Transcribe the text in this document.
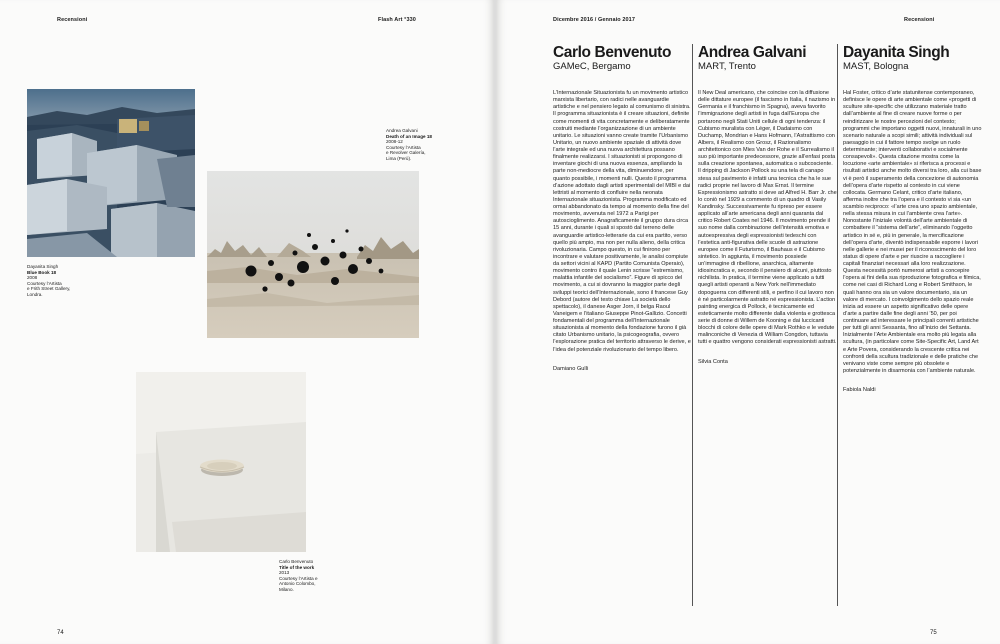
Recensioni	Flash Art °330
Dayanita Singh
Blue Book 18
2008
Courtesy l’Artista
e Frith Street Gallery,
Londra.
Andrea Galvani
Death of an Image 18
2008-12
Courtesy l’Artista
e Revolver Galería,
Lima (Perù).
Carlo Benvenuto
Title of the work
2013
Courtesy l’Artista e
Antonio Colombo,
Milano.
74
Dicembre 2016 / Gennaio 2017	Recensioni
Carlo Benvenuto
GAMeC, Bergamo
L’Internazionale Situazionista fu un movimento artistico marxista libertario, con radici nelle avanguardie artistiche e nel pensiero legato al comunismo di sinistra. Il programma situazionista è il creare situazioni, definite come momenti di vita concretamente e deliberatamente costruiti mediante l’organizzazione di un ambiente unitario. Le situazioni vanno create tramite l’Urbanismo Unitario, un nuovo ambiente spaziale di attività dove l’arte integrale ed una nuova architettura possano finalmente realizzarsi. I situazionisti si propongono di inventare giochi di una nuova essenza, ampliando la parte non-mediocre della vita, diminuendone, per quanto possibile, i momenti nulli. Questo il programma d’azione adottato dagli artisti sperimentali del MIBI e dai lettristi al momento di confluire nella neonata Internazionale situazionista. Programma modificato ed ormai abbandonato da tempo al momento della fine del movimento, avvenuta nel 1972 a Parigi per autoscioglimento. Anagraficamente il gruppo dura circa 15 anni, durante i quali si spostò dal terreno delle avanguardie artistico-letterarie da cui era partito, verso quello più ampio, ma non per nulla alieno, della critica rivoluzionaria. Campo questo, in cui finirono per incontrare e valutare positivamente, le analisi compiute da settori vicini al KAPD (Partito Comunista Operaio), movimento contro il quale Lenin scrisse “estremismo, malattia infantile del socialismo”. Figure di spicco del movimento, a cui si dovranno la maggior parte degli sviluppi teorici dell’Internazionale, sono il francese Guy Debord (autore del testo chiave La società dello spettacolo), il danese Asger Jorn, il belga Raoul Vaneigem e l’italiano Giuseppe Pinot-Gallizio. Concetti fondamentali del programma dell’Internazionale situazionista al momento della fondazione furono il già citato Urbanismo unitario, la psicogeografia, ovvero l’esplorazione pratica del territorio attraverso le derive, e l’idea del potenziale rivoluzionario del tempo libero.
Damiano Gulli
Andrea Galvani
MART, Trento
Il New Deal americano, che coincise con la diffusione delle dittature europee (il fascismo in Italia, il nazismo in Germania e il franchismo in Spagna), aveva favorito l’immigrazione degli artisti in fuga dall’Europa che portarono negli Stati Uniti cellule di ogni tendenza: il Cubismo muralista con Léger, il Dadaismo con Duchamp, Mondrian e Hans Hofmann, l’Astrattismo con Albers, il Realismo con Grosz, il Razionalismo architettonico con Mies Van der Rohe e il Surrealismo il suo più importante predecessore, grazie all’enfasi posta sulla creazione spontanea, automatica o subcosciente. Il dripping di Jackson Pollock su una tela di canapo stesa sul pavimento è infatti una tecnica che ha le sue radici proprie nel lavoro di Max Ernst. Il termine Espressionismo astratto si deve ad Alfred H. Barr Jr. che lo coniò nel 1929 a commento di un quadro di Vasily Kandinsky. Successivamente fu ripreso per essere applicato all’arte americana degli anni quaranta dal critico Robert Coates nel 1946. Il movimento prende il suo nome dalla combinazione dell’intensità emotiva e autoespressiva degli espressionisti tedeschi con l’estetica anti-figurativa delle scuole di astrazione europee come il Futurismo, il Bauhaus e il Cubismo sintetico. In aggiunta, il movimento possiede un’immagine di ribellione, anarchica, altamente idiosincratica e, secondo il pensiero di alcuni, piuttosto nichilista. In pratica, il termine viene applicato a tutti quegli artisti operanti a New York nell’immediato dopoguerra con differenti stili, e perfino il cui lavoro non è né particolarmente astratto né espressionista. L’action painting energica di Pollock, è tecnicamente ed esteticamente molto differente dalla violenta e grottesca serie di donne di Willem de Kooning e dai luccicanti blocchi di colore delle opere di Mark Rothko e le vedute malinconiche di Venezia di William Congdon, tuttavia tutti e quattro vengono considerati espressionisti astratti.
Silvia Conta
Dayanita Singh
MAST, Bologna
Hal Foster, critico d’arte statunitense contemporaneo, definisce le opere di arte ambientale come «progetti di sculture site-specific che utilizzano materiale tratto dall’ambiente al fine di creare nuove forme o per reindirizzare le nostre percezioni del contesto; programmi che importano oggetti nuovi, innaturali in uno scenario naturale a scopi simili; attività individuali sul paesaggio in cui il fattore tempo svolge un ruolo determinante; interventi collaborativi e socialmente consapevoli». Questa citazione mostra come la locuzione «arte ambientale» si riferisca a processi e risultati artistici anche molto diversi tra loro, alla cui base vi è però il superamento della concezione di autonomia dell’opera d’arte rispetto al contesto in cui viene collocata. Germano Celant, critico d’arte italiano, afferma inoltre che tra l’opera e il contesto vi sia «un scambio reciproco: «l’arte crea uno spazio ambientale, nella stessa misura in cui l’ambiente crea l’arte». Nonostante l’iniziale volontà dell’arte ambientale di combattere il “sistema dell’arte”, eliminando l’oggetto artistico in sé e, più in generale, la mercificazione dell’opera d’arte, diventò indispensabile esporre i lavori nelle gallerie e nei musei per il riconoscimento del loro status di opere d’arte e per riuscire a raccogliere i capitali finanziari necessari alla loro realizzazione. Questa necessità portò numerosi artisti a concepire l’opera ai fini della sua riproduzione fotografica e filmica, come nei casi di Richard Long e Robert Smithson, le quali hanno ora sia un valore documentario, sia un valore di mercato. I coinvolgimento dello spazio reale inizia ad essere un aspetto significativo delle opere d’arte a partire dalle fine degli anni ’50, per poi continuare ad interessare le principali correnti artistiche per tutti gli anni Sessanta, fino all’inizio dei Settanta. Inizialmente l’Arte Ambientale era molto più legata alla scultura, (in particolare come Site-Specific Art, Land Art e Arte Povera, considerando la crescente critica nei confronti della scultura tradizionale e delle pratiche che venivano viste come sempre più obsolete e potenzialmente in disarmonia con l’ambiente naturale.
Fabiola Naldi
75
